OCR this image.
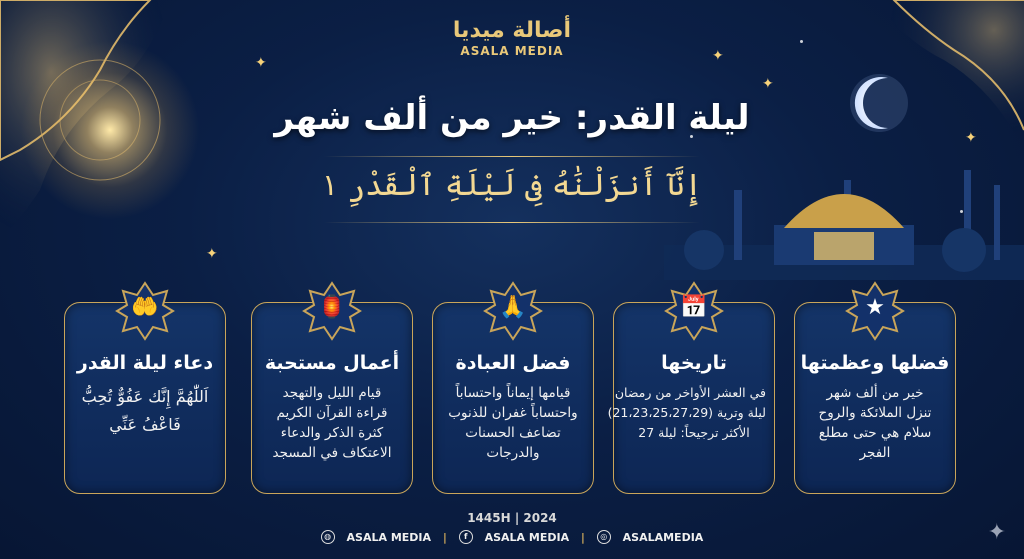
✦	✦
✦
✦
✦
أصالة ميديا
ASALA MEDIA
ليلة القدر: خير من ألف شهر
إِنَّآ أَنزَلْنَٰهُ فِى لَيْلَةِ ٱلْقَدْرِ ١
★
فضلها وعظمتها
خير من ألف شهر
تنزل الملائكة والروح
سلام هي حتى مطلع
الفجر
📅
تاريخها
في العشر الأواخر من رمضان
ليلة وترية (21،23،25،27،29)
الأكثر ترجيحاً: ليلة 27
🙏
فضل العبادة
قيامها إيماناً واحتساباً
واحتساباً غفران للذنوب
تضاعف الحسنات
والدرجات
🏮
أعمال مستحبة
قيام الليل والتهجد
قراءة القرآن الكريم
كثرة الذكر والدعاء
الاعتكاف في المسجد
🤲
دعاء ليلة القدر
اَللّٰهُمَّ إِنَّك عَفُوٌّ تُحِبُّ
فَاعْفُ عَنِّي
1445H | 2024
◍ ASALA MEDIA | f ASALA MEDIA | ◎ ASALAMEDIA	✦
